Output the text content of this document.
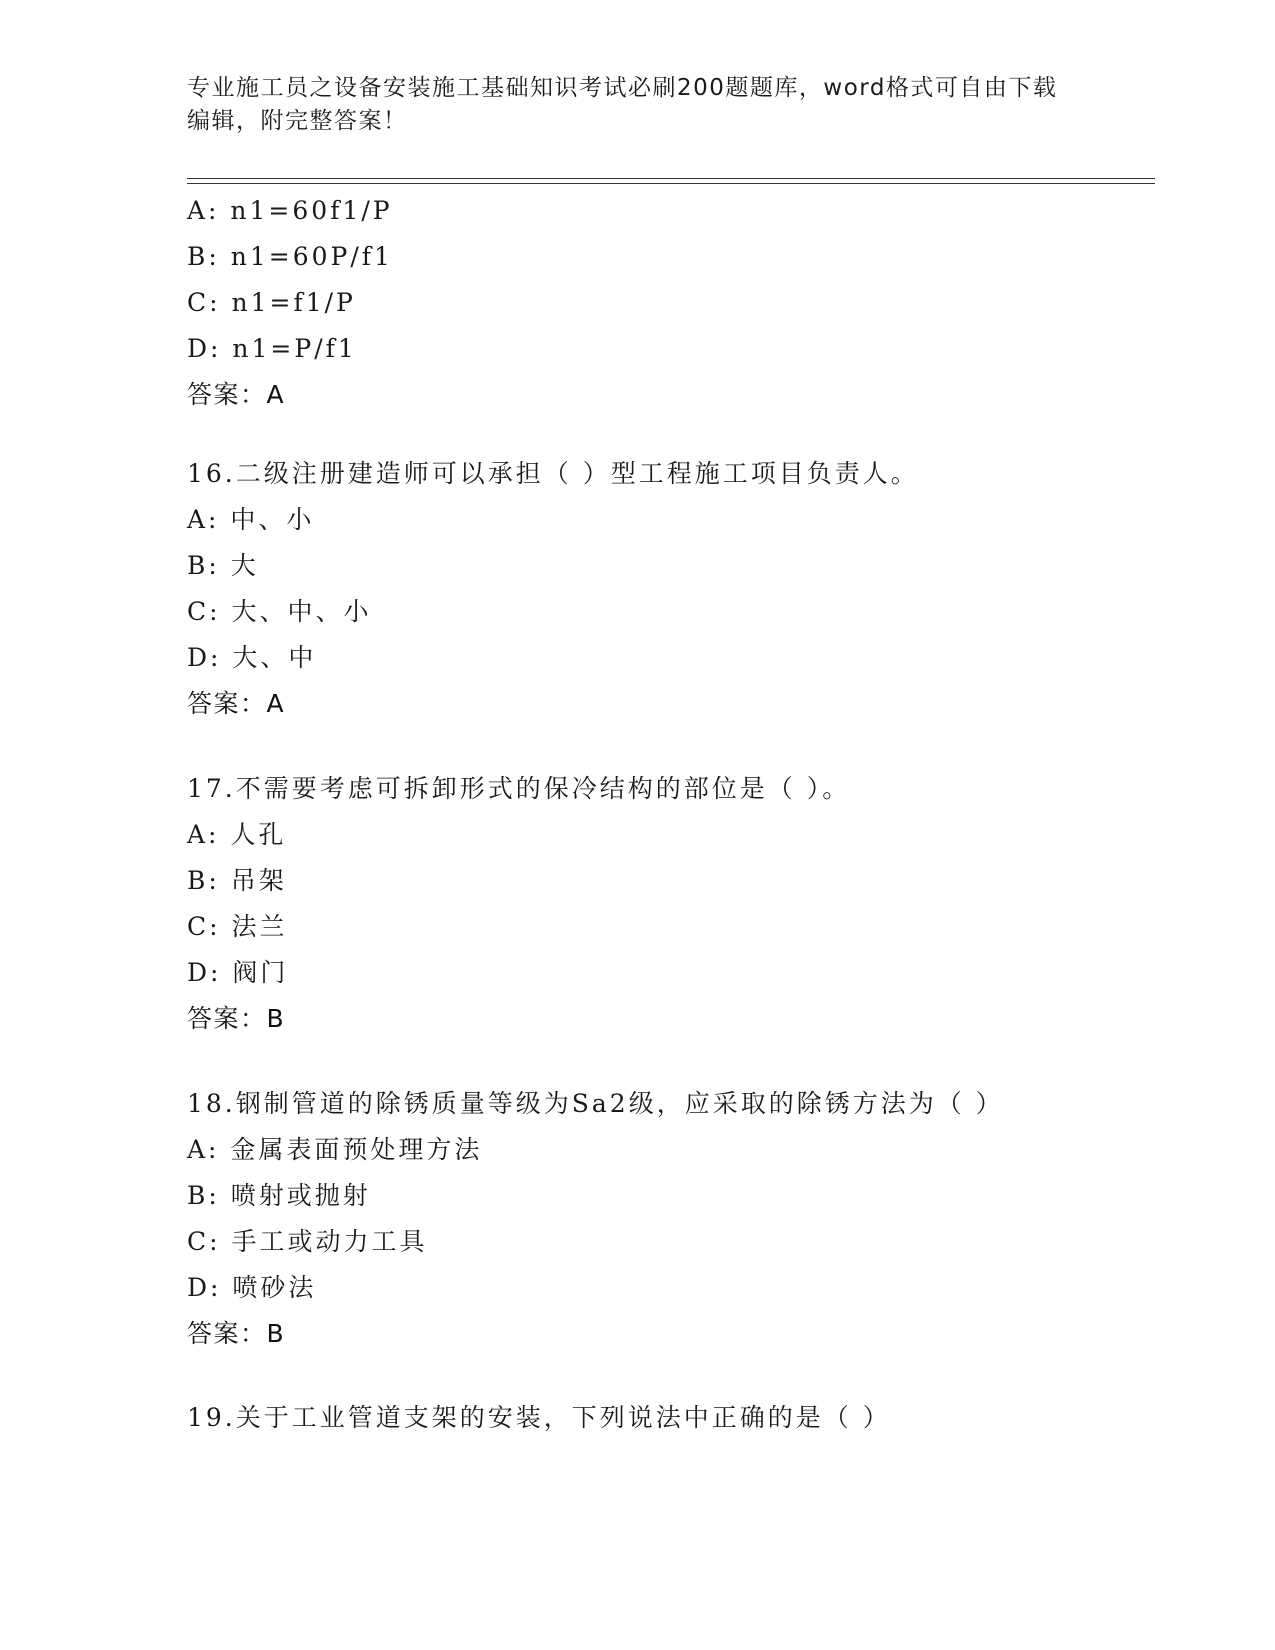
专业施工员之设备安装施工基础知识考试必刷200题题库，word格式可自由下载
编辑，附完整答案！
A: n1=60f1/P
B: n1=60P/f1
C: n1=f1/P
D: n1=P/f1
答案：A
16.二级注册建造师可以承担（ ）型工程施工项目负责人。
A: 中、小
B: 大
C: 大、中、小
D: 大、中
答案：A
17.不需要考虑可拆卸形式的保冷结构的部位是（ ）。
A: 人孔
B: 吊架
C: 法兰
D: 阀门
答案：B
18.钢制管道的除锈质量等级为Sa2级，应采取的除锈方法为（ ）
A: 金属表面预处理方法
B: 喷射或抛射
C: 手工或动力工具
D: 喷砂法
答案：B
19.关于工业管道支架的安装，下列说法中正确的是（ ）
